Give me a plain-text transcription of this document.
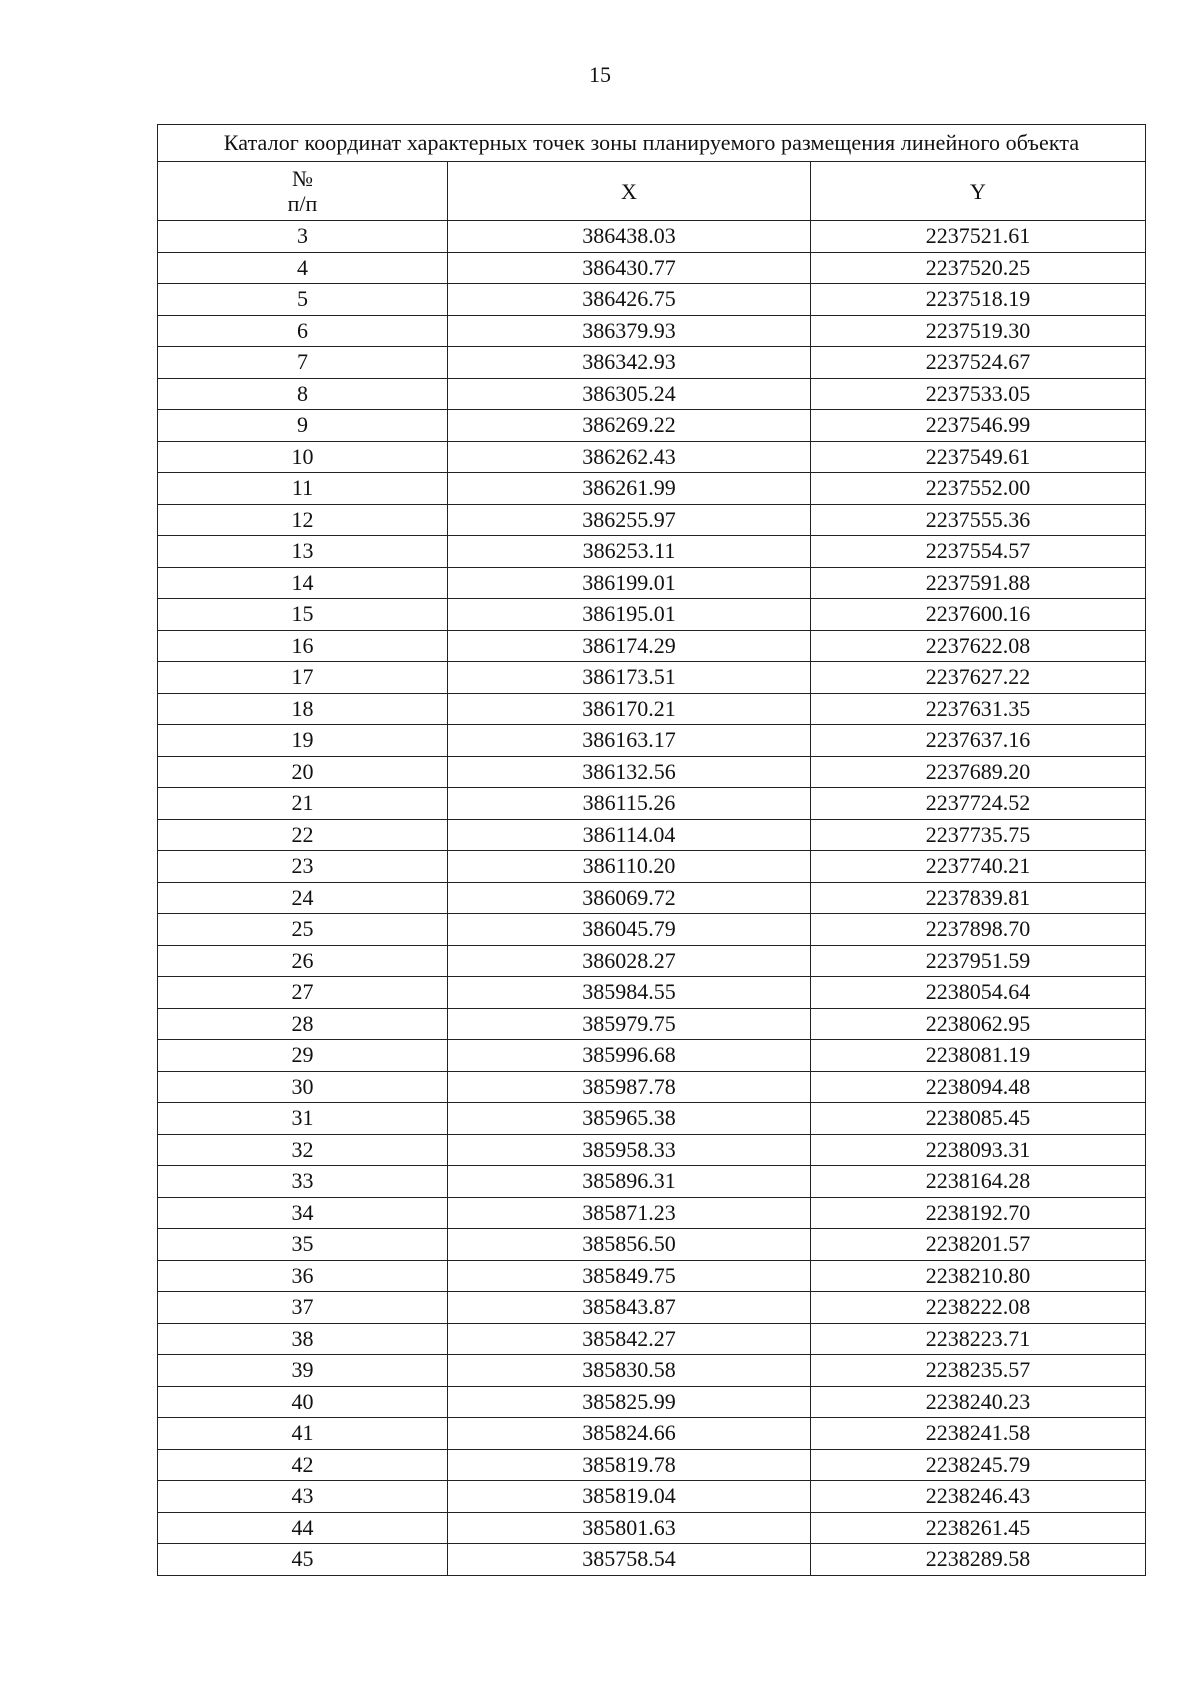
15
Каталог координат характерных точек зоны планируемого размещения линейного объекта		

№
п/п	X	Y
3	386438.03	2237521.61
4	386430.77	2237520.25
5	386426.75	2237518.19
6	386379.93	2237519.30
7	386342.93	2237524.67
8	386305.24	2237533.05
9	386269.22	2237546.99
10	386262.43	2237549.61
11	386261.99	2237552.00
12	386255.97	2237555.36
13	386253.11	2237554.57
14	386199.01	2237591.88
15	386195.01	2237600.16
16	386174.29	2237622.08
17	386173.51	2237627.22
18	386170.21	2237631.35
19	386163.17	2237637.16
20	386132.56	2237689.20
21	386115.26	2237724.52
22	386114.04	2237735.75
23	386110.20	2237740.21
24	386069.72	2237839.81
25	386045.79	2237898.70
26	386028.27	2237951.59
27	385984.55	2238054.64
28	385979.75	2238062.95
29	385996.68	2238081.19
30	385987.78	2238094.48
31	385965.38	2238085.45
32	385958.33	2238093.31
33	385896.31	2238164.28
34	385871.23	2238192.70
35	385856.50	2238201.57
36	385849.75	2238210.80
37	385843.87	2238222.08
38	385842.27	2238223.71
39	385830.58	2238235.57
40	385825.99	2238240.23
41	385824.66	2238241.58
42	385819.78	2238245.79
43	385819.04	2238246.43
44	385801.63	2238261.45
45	385758.54	2238289.58
